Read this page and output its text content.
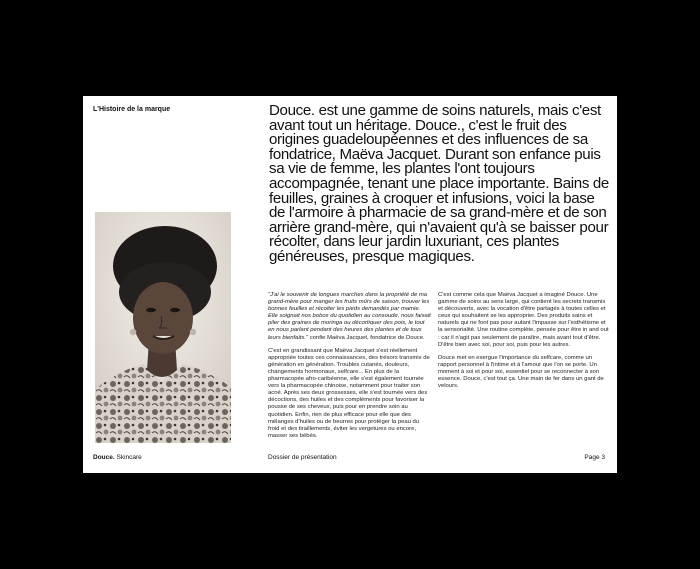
L'Histoire de la marque	Douce. est une gamme de soins naturels, mais c'est avant tout un héritage. Douce., c'est le fruit des origines guadeloupéennes et des influences de sa fondatrice, Maëva Jacquet. Durant son enfance puis sa vie de femme, les plantes l'ont toujours accompagnée, tenant une place importante. Bains de feuilles, graines à croquer et infusions, voici la base de l'armoire à pharmacie de sa grand-mère et de son arrière grand-mère, qui n'avaient qu'à se baisser pour récolter, dans leur jardin luxuriant, ces plantes généreuses, presque magiques.

"J'ai le souvenir de longues marches dans la propriété de ma grand-mère pour manger les fruits mûrs de saison, trouver les bonnes feuilles et récolter les pieds demandés par mamie. Elle soignait nos bobos du quotidien au consoude, nous faisait piler des graines de moringa ou décortiquer des pois, le tout en nous parlant pendant des heures des plantes et de tous leurs bienfaits." confie Maëva Jacquet, fondatrice de Douce.

C'est en grandissant que Maëva Jacquet s'est réellement appropriée toutes ces connaissances, des trésors transmis de génération en génération. Troubles cutanés, douleurs, changements hormonaux, selfcare... En plus de la pharmacopée afro-caribéenne, elle s'est également tournée vers la pharmacopée chinoise, notamment pour traiter son acné. Après ses deux grossesses, elle s'est tournée vers des décoctions, des huiles et des compléments pour favoriser la pousse de ses cheveux, puis pour en prendre soin au quotidien. Enfin, rien de plus efficace pour elle que des mélanges d'huiles ou de beurres pour protéger la peau du froid et des tiraillements, éviter les vergetures ou encore, masser ses bébés.

C'est comme cela que Maëva Jacquet a imaginé Douce. Une gamme de soins au sens large, qui contient les secrets transmis et découverts, avec la vocation d'être partagés à toutes celles et ceux qui souhaitent se les approprier. Des produits sains et naturels qui ne font pas pour autant l'impasse sur l'esthétisme et la sensorialité. Une routine complète, pensée pour être in and out : car il n'agit pas seulement de paraître, mais avant tout d'être. D'être bien avec soi, pour soi, puis pour les autres.

Douce met en exergue l'importance du selfcare, comme un rapport personnel à l'intime et à l'amour que l'on se porte. Un moment à soi et pour soi, essentiel pour se reconnecter à son essence. Douce, c'est tout ça. Une main de fer dans un gant de velours.

Douce. Skincare	Dossier de présentation	Page 3
